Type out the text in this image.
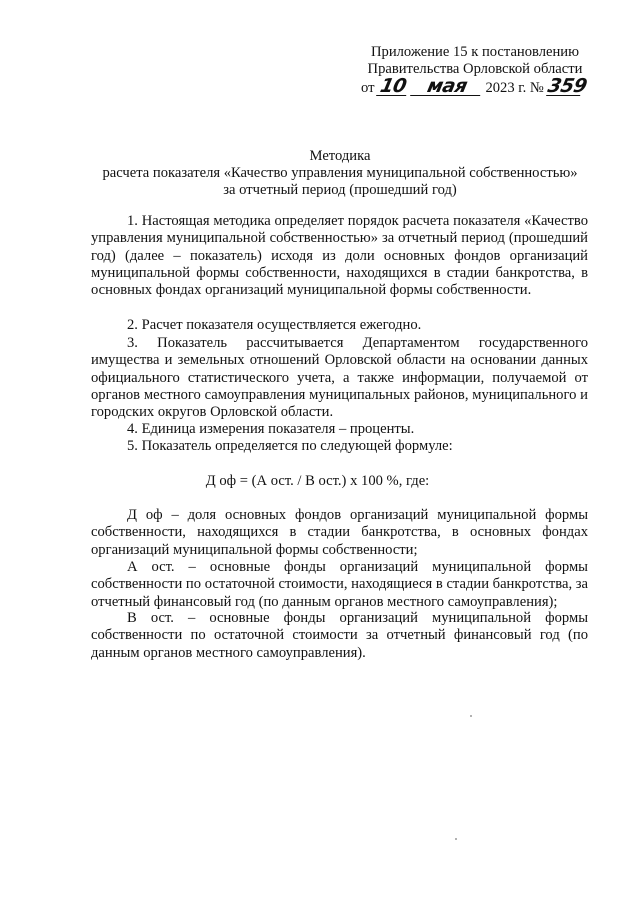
Приложение 15 к постановлению
Правительства Орловской области
от 10 мая 2023 г. № 359
Методика
расчета показателя «Качество управления муниципальной собственностью»
за отчетный период (прошедший год)

1. Настоящая методика определяет порядок расчета показателя «Качество управления муниципальной собственностью» за отчетный период (прошедший год) (далее – показатель) исходя из доли основных фондов организаций муниципальной формы собственности, находящихся в стадии банкротства, в основных фондах организаций муниципальной формы собственности.

2. Расчет показателя осуществляется ежегодно.

3. Показатель рассчитывается Департаментом государственного имущества и земельных отношений Орловской области на основании данных официального статистического учета, а также информации, получаемой от органов местного самоуправления муниципальных районов, муниципального и городских округов Орловской области.

4. Единица измерения показателя – проценты.

5. Показатель определяется по следующей формуле:

Д оф = (А ост. / В ост.) х 100 %, где:

Д оф – доля основных фондов организаций муниципальной формы собственности, находящихся в стадии банкротства, в основных фондах организаций муниципальной формы собственности;

А ост. – основные фонды организаций муниципальной формы собственности по остаточной стоимости, находящиеся в стадии банкротства, за отчетный финансовый год (по данным органов местного самоуправления);

В ост. – основные фонды организаций муниципальной формы собственности по остаточной стоимости за отчетный финансовый год (по данным органов местного самоуправления).
